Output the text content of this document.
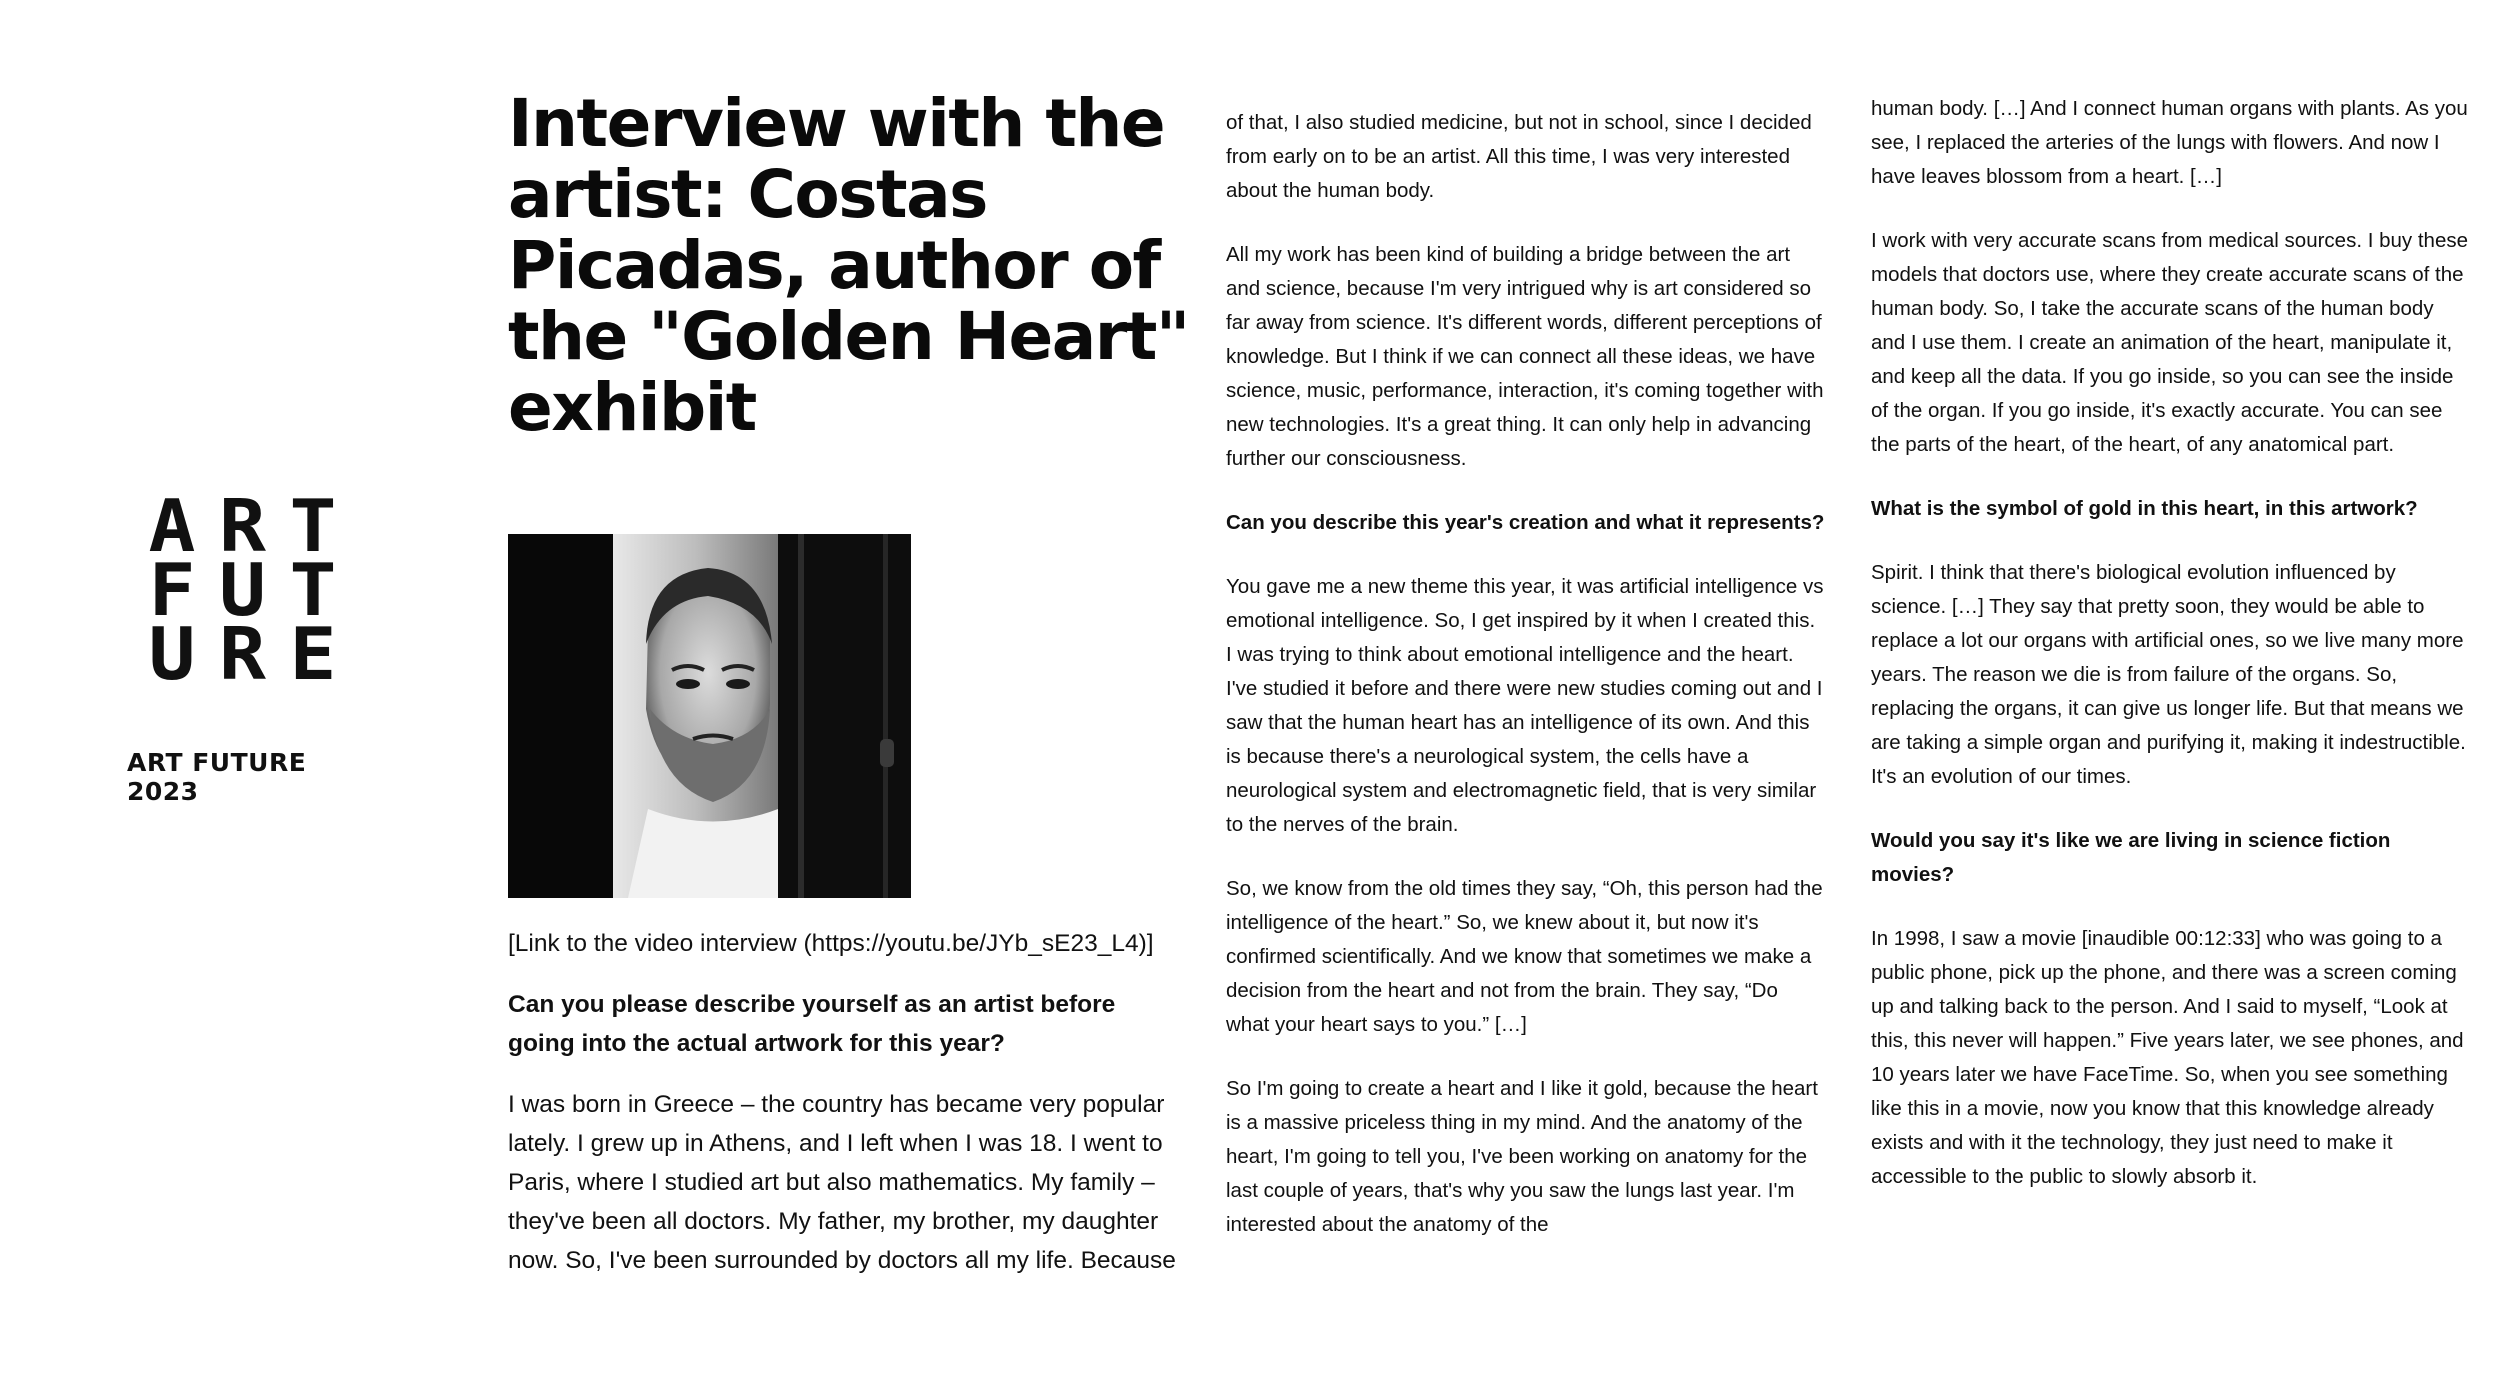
A R T
F U T
U R E
ART FUTURE 2023
Interview with the artist: Costas Picadas, author of the "Golden Heart" exhibit

[Link to the video interview (https://youtu.be/JYb_sE23_L4)]

Can you please describe yourself as an artist before going into the actual artwork for this year?

I was born in Greece – the country has became very popular lately. I grew up in Athens, and I left when I was 18. I went to Paris, where I studied art but also mathematics. My family – they've been all doctors. My father, my brother, my daughter now. So, I've been surrounded by doctors all my life. Because

of that, I also studied medicine, but not in school, since I decided from early on to be an artist. All this time, I was very interested about the human body.

All my work has been kind of building a bridge between the art and science, because I'm very intrigued why is art considered so far away from science. It's different words, different perceptions of knowledge. But I think if we can connect all these ideas, we have science, music, performance, interaction, it's coming together with new technologies. It's a great thing. It can only help in advancing further our consciousness.

Can you describe this year's creation and what it represents?

You gave me a new theme this year, it was artificial intelligence vs emotional intelligence. So, I get inspired by it when I created this. I was trying to think about emotional intelligence and the heart. I've studied it before and there were new studies coming out and I saw that the human heart has an intelligence of its own. And this is because there's a neurological system, the cells have a neurological system and electromagnetic field, that is very similar to the nerves of the brain.

So, we know from the old times they say, “Oh, this person had the intelligence of the heart.” So, we knew about it, but now it's confirmed scientifically. And we know that sometimes we make a decision from the heart and not from the brain. They say, “Do what your heart says to you.” […]

So I'm going to create a heart and I like it gold, because the heart is a massive priceless thing in my mind. And the anatomy of the heart, I'm going to tell you, I've been working on anatomy for the last couple of years, that's why you saw the lungs last year. I'm interested about the anatomy of the

human body. […] And I connect human organs with plants. As you see, I replaced the arteries of the lungs with flowers. And now I have leaves blossom from a heart. […]

I work with very accurate scans from medical sources. I buy these models that doctors use, where they create accurate scans of the human body. So, I take the accurate scans of the human body and I use them. I create an animation of the heart, manipulate it, and keep all the data. If you go inside, so you can see the inside of the organ. If you go inside, it's exactly accurate. You can see the parts of the heart, of the heart, of any anatomical part.

What is the symbol of gold in this heart, in this artwork?

Spirit. I think that there's biological evolution influenced by science. […] They say that pretty soon, they would be able to replace a lot our organs with artificial ones, so we live many more years. The reason we die is from failure of the organs. So, replacing the organs, it can give us longer life. But that means we are taking a simple organ and purifying it, making it indestructible. It's an evolution of our times.

Would you say it's like we are living in science fiction movies?

In 1998, I saw a movie [inaudible 00:12:33] who was going to a public phone, pick up the phone, and there was a screen coming up and talking back to the person. And I said to myself, “Look at this, this never will happen.” Five years later, we see phones, and 10 years later we have FaceTime. So, when you see something like this in a movie, now you know that this knowledge already exists and with it the technology, they just need to make it accessible to the public to slowly absorb it.
